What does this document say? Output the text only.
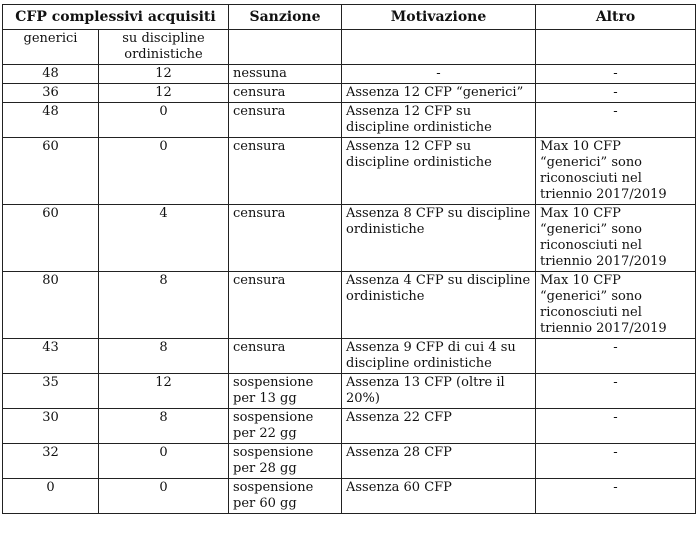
CFP complessivi acquisiti		Sanzione	Motivazione	Altro
generici	su discipline ordinistiche			
48	12	nessuna	-	-
36	12	censura	Assenza 12 CFP “generici”	-
48	0	censura	Assenza 12 CFP su discipline ordinistiche	-
60	0	censura	Assenza 12 CFP su discipline ordinistiche	Max 10 CFP “generici” sono riconosciuti nel triennio 2017/2019
60	4	censura	Assenza 8 CFP su discipline ordinistiche	Max 10 CFP “generici” sono riconosciuti nel triennio 2017/2019
80	8	censura	Assenza 4 CFP su discipline ordinistiche	Max 10 CFP “generici” sono riconosciuti nel triennio 2017/2019
43	8	censura	Assenza 9 CFP di cui 4 su discipline ordinistiche	-
35	12	sospensione per 13 gg	Assenza 13 CFP (oltre il 20%)	-
30	8	sospensione per 22 gg	Assenza 22 CFP	-
32	0	sospensione per 28 gg	Assenza 28 CFP	-
0	0	sospensione per 60 gg	Assenza 60 CFP	-
